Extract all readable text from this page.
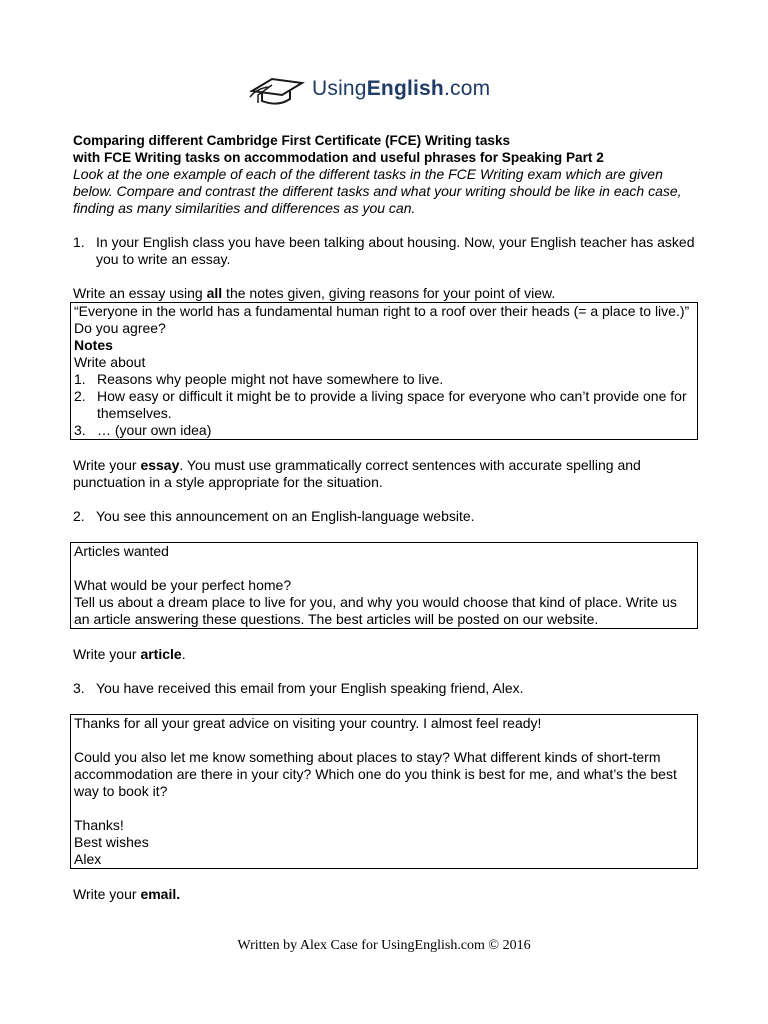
UsingEnglish.com

Comparing different Cambridge First Certificate (FCE) Writing tasks

with FCE Writing tasks on accommodation and useful phrases for Speaking Part 2

Look at the one example of each of the different tasks in the FCE Writing exam which are given below. Compare and contrast the different tasks and what your writing should be like in each case, finding as many similarities and differences as you can.

1. In your English class you have been talking about housing. Now, your English teacher has asked you to write an essay.

Write an essay using all the notes given, giving reasons for your point of view.

“Everyone in the world has a fundamental human right to a roof over their heads (= a place to live.)” Do you agree?

Notes

Write about

1. Reasons why people might not have somewhere to live.
2. How easy or difficult it might be to provide a living space for everyone who can’t provide one for themselves.
3. … (your own idea)

Write your essay. You must use grammatically correct sentences with accurate spelling and punctuation in a style appropriate for the situation.

2. You see this announcement on an English-language website.

Articles wanted

What would be your perfect home?

Tell us about a dream place to live for you, and why you would choose that kind of place. Write us an article answering these questions. The best articles will be posted on our website.

Write your article.

3. You have received this email from your English speaking friend, Alex.

Thanks for all your great advice on visiting your country. I almost feel ready!

Could you also let me know something about places to stay? What different kinds of short-term accommodation are there in your city? Which one do you think is best for me, and what’s the best way to book it?

Thanks!

Best wishes

Alex

Write your email.

Written by Alex Case for UsingEnglish.com © 2016
